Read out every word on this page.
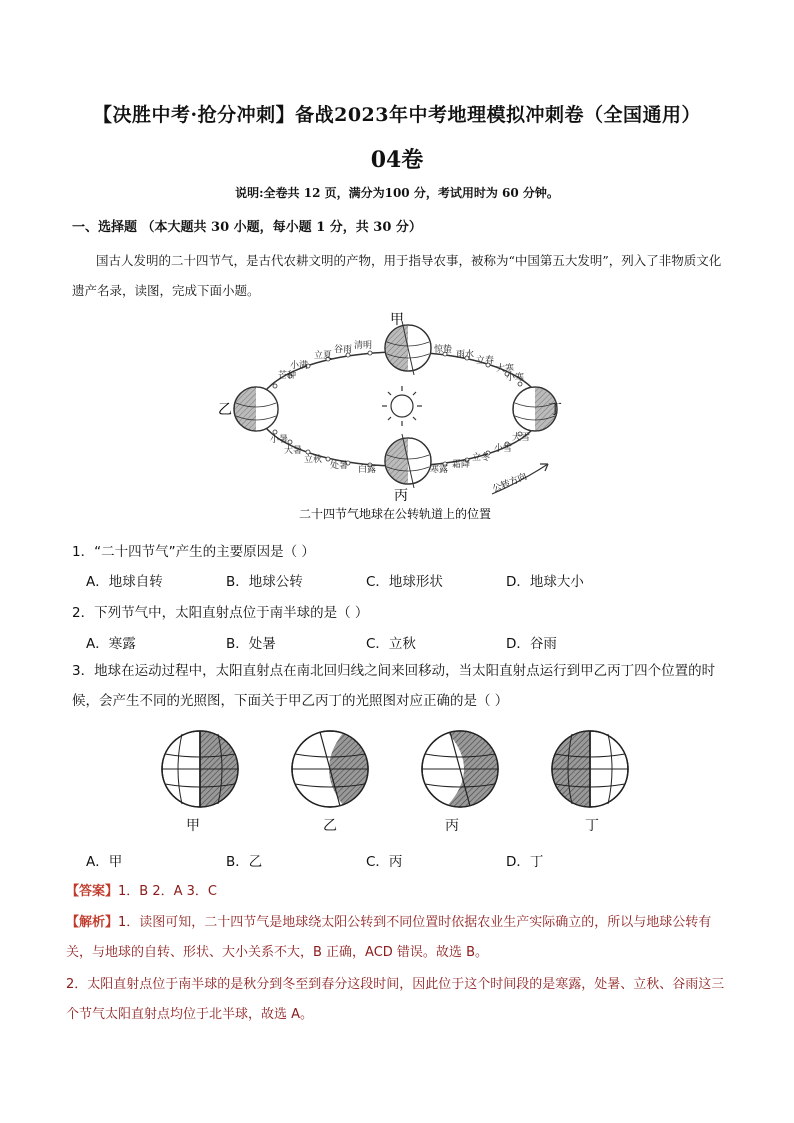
【决胜中考·抢分冲刺】备战2023年中考地理模拟冲刺卷（全国通用）
04卷
说明:全卷共 12 页，满分为100 分，考试用时为 60 分钟。
一、选择题 （本大题共 30 小题，每小题 1 分，共 30 分）
国古人发明的二十四节气，是古代农耕文明的产物，用于指导农事，被称为“中国第五大发明”，列入了非物质文化遗产名录，读图，完成下面小题。
甲
乙
丙
丁
清明
谷雨
立夏
小满
芒种
惊蛰 雨水
立春
大寒
小寒
小暑
大暑
立秋
处暑 白露	寒露 霜降
立冬
小雪
大雪
公转方向
二十四节气地球在公转轨道上的位置
1．“二十四节气”产生的主要原因是（ ）
A．地球自转	B．地球公转	C．地球形状	D．地球大小
2．下列节气中，太阳直射点位于南半球的是（ ）
A．寒露	B．处暑	C．立秋	D．谷雨
3．地球在运动过程中，太阳直射点在南北回归线之间来回移动，当太阳直射点运行到甲乙丙丁四个位置的时候，会产生不同的光照图，下面关于甲乙丙丁的光照图对应正确的是（ ）
甲	乙	丙	丁
A．甲	B．乙	C．丙	D．丁
【答案】1．B 2．A 3．C
【解析】1．读图可知，二十四节气是地球绕太阳公转到不同位置时依据农业生产实际确立的，所以与地球公转有关，与地球的自转、形状、大小关系不大，B 正确，ACD 错误。故选 B。
2．太阳直射点位于南半球的是秋分到冬至到春分这段时间，因此位于这个时间段的是寒露，处暑、立秋、谷雨这三个节气太阳直射点均位于北半球，故选 A。
